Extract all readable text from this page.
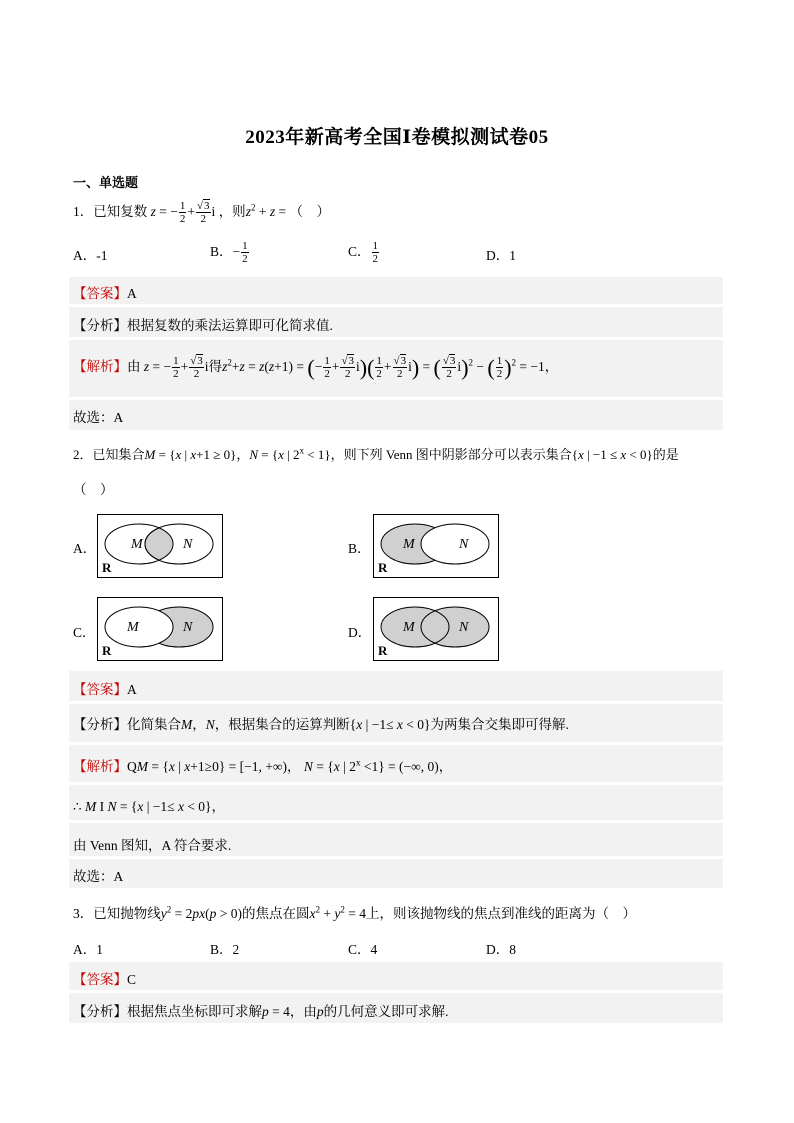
2023年新高考全国Ⅰ卷模拟测试卷05
一、单选题
1．已知复数 z = − $\frac{1}{2} + \frac{√3}{2}$ i ，则$z^2 + z$ = （　）
A．-1	B．− $\frac{1}{2}$	C． $\frac{1}{2}$	D．1
【答案】A
【分析】根据复数的乘法运算即可化简求值.
【解析】由 z = − $\frac{1}{2} + \frac{√3}{2}$ i得$z^2+z = z(z+1)$ = (− $\frac{1}{2} + \frac{√3}{2} i)( \frac{1}{2} + \frac{√3}{2} i)$ = ( $\frac{√3}{2} i)^2$ − ( $\frac{1}{2} )^2 = -1$，
故选：A
2．已知集合M = {x | x+1 ≥ 0}，N = {x | $2^x < 1$}，则下列 Venn 图中阴影部分可以表示集合{x | −1 ≤ x < 0}的是
（　）
A． M	N
R
B． M	N
R
C． M	N
R
D． M	N
R
【答案】A
【分析】化简集合M，N，根据集合的运算判断{x | −1≤ x < 0}为两集合交集即可得解.
【解析】QM = {x | x+1≥0} = [−1, +∞)， N = {x | $2^x <1$} = (−∞, 0)，
∴ M I N = {x | −1≤ x < 0}，
由 Venn 图知，A 符合要求.
故选：A
3．已知抛物线$y^2 = 2px(p > 0)$的焦点在圆$x^2 + y^2 = 4$上，则该抛物线的焦点到准线的距离为（　）
A．1	B．2	C．4	D．8
【答案】C
【分析】根据焦点坐标即可求解p = 4，由p的几何意义即可求解.
